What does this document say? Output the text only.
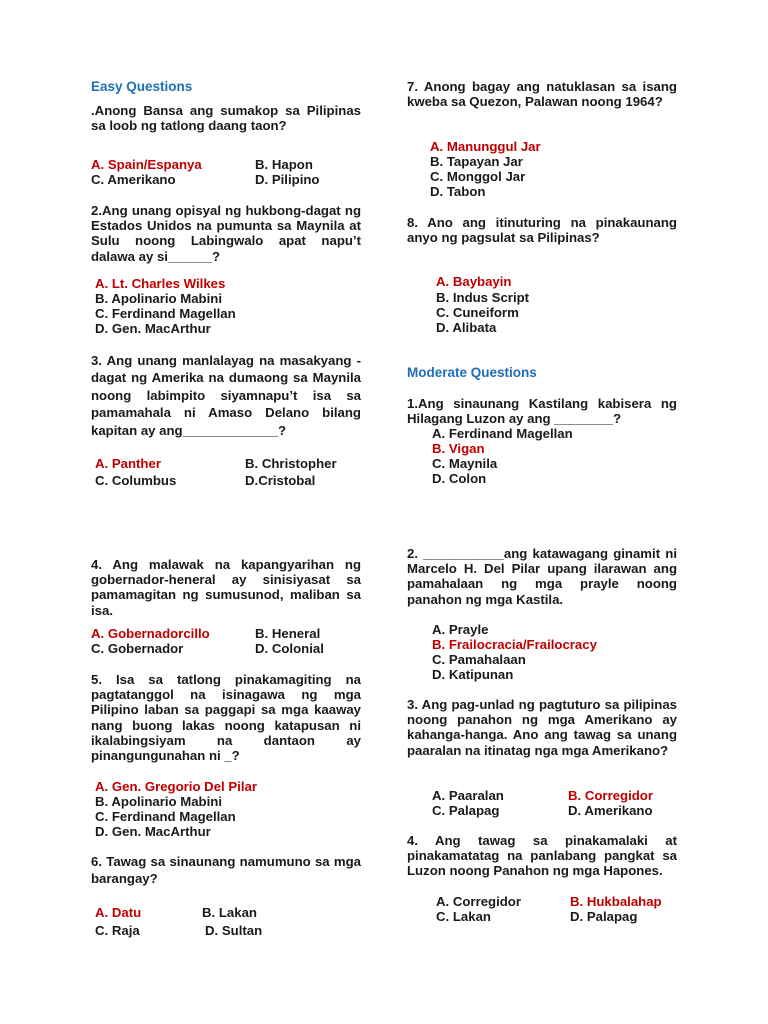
Easy Questions
.Anong Bansa ang sumakop sa Pilipinas sa loob ng tatlong daang taon?
A. Spain/Espanya	B. Hapon
C. Amerikano	D. Pilipino
2.Ang unang opisyal ng hukbong-dagat ng Estados Unidos na pumunta sa Maynila at Sulu noong Labingwalo apat napu’t dalawa ay si______?
A. Lt. Charles Wilkes
B. Apolinario Mabini
C. Ferdinand Magellan
D. Gen. MacArthur
3. Ang unang manlalayag na masakyang -dagat ng Amerika na dumaong sa Maynila noong labimpito siyamnapu’t isa sa pamamahala ni Amaso Delano bilang kapitan ay ang_____________?
A. Panther	B. Christopher
C. Columbus	D.Cristobal
4. Ang malawak na kapangyarihan ng gobernador-heneral ay sinisiyasat sa pamamagitan ng sumusunod, maliban sa isa.
A. Gobernadorcillo	B. Heneral
C. Gobernador	D. Colonial
5. Isa sa tatlong pinakamagiting na pagtatanggol na isinagawa ng mga Pilipino laban sa paggapi sa mga kaaway nang buong lakas noong katapusan ni ikalabingsiyam na dantaon ay pinangungunahan ni _?
A. Gen. Gregorio Del Pilar
B. Apolinario Mabini
C. Ferdinand Magellan
D. Gen. MacArthur
6. Tawag sa sinaunang namumuno sa mga barangay?
A. Datu	B. Lakan
C. Raja	D. Sultan
7. Anong bagay ang natuklasan sa isang kweba sa Quezon, Palawan noong 1964?
A. Manunggul Jar
B. Tapayan Jar
C. Monggol Jar
D. Tabon
8. Ano ang itinuturing na pinakaunang anyo ng pagsulat sa Pilipinas?
A. Baybayin
B. Indus Script
C. Cuneiform
D. Alibata
Moderate Questions
1.Ang sinaunang Kastilang kabisera ng Hilagang Luzon ay ang ________?
A. Ferdinand Magellan
B. Vigan
C. Maynila
D. Colon
2. ___________ang katawagang ginamit ni Marcelo H. Del Pilar upang ilarawan ang pamahalaan ng mga prayle noong panahon ng mga Kastila.
A. Prayle
B. Frailocracia/Frailocracy
C. Pamahalaan
D. Katipunan
3. Ang pag-unlad ng pagtuturo sa pilipinas noong panahon ng mga Amerikano ay kahanga-hanga. Ano ang tawag sa unang paaralan na itinatag nga mga Amerikano?
A. Paaralan	B. Corregidor
C. Palapag	D. Amerikano
4. Ang tawag sa pinakamalaki at pinakamatatag na panlabang pangkat sa Luzon noong Panahon ng mga Hapones.
A. Corregidor	B. Hukbalahap
C. Lakan	D. Palapag
